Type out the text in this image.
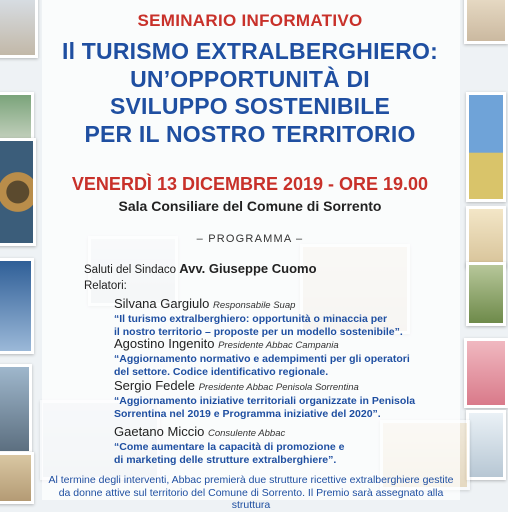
SEMINARIO INFORMATIVO
Il TURISMO EXTRALBERGHIERO:
UN’OPPORTUNITÀ DI
SVILUPPO SOSTENIBILE
PER IL NOSTRO TERRITORIO
VENERDÌ 13 DICEMBRE 2019 - ORE 19.00
Sala Consiliare del Comune di Sorrento
– PROGRAMMA –
Saluti del Sindaco Avv. Giuseppe Cuomo
Relatori:
Silvana Gargiulo Responsabile Suap
“Il turismo extralberghiero: opportunità o minaccia per
il nostro territorio – proposte per un modello sostenibile”.
Agostino Ingenito Presidente Abbac Campania
“Aggiornamento normativo e adempimenti per gli operatori
del settore. Codice identificativo regionale.
Sergio Fedele Presidente Abbac Penisola Sorrentina
“Aggiornamento iniziative territoriali organizzate in Penisola
Sorrentina nel 2019 e Programma iniziative del 2020”.
Gaetano Miccio Consulente Abbac
“Come aumentare la capacità di promozione e
di marketing delle strutture extralberghiere”.
Al termine degli interventi, Abbac premierà due strutture ricettive extralberghiere gestite
da donne attive sul territorio del Comune di Sorrento. Il Premio sarà assegnato alla struttura
